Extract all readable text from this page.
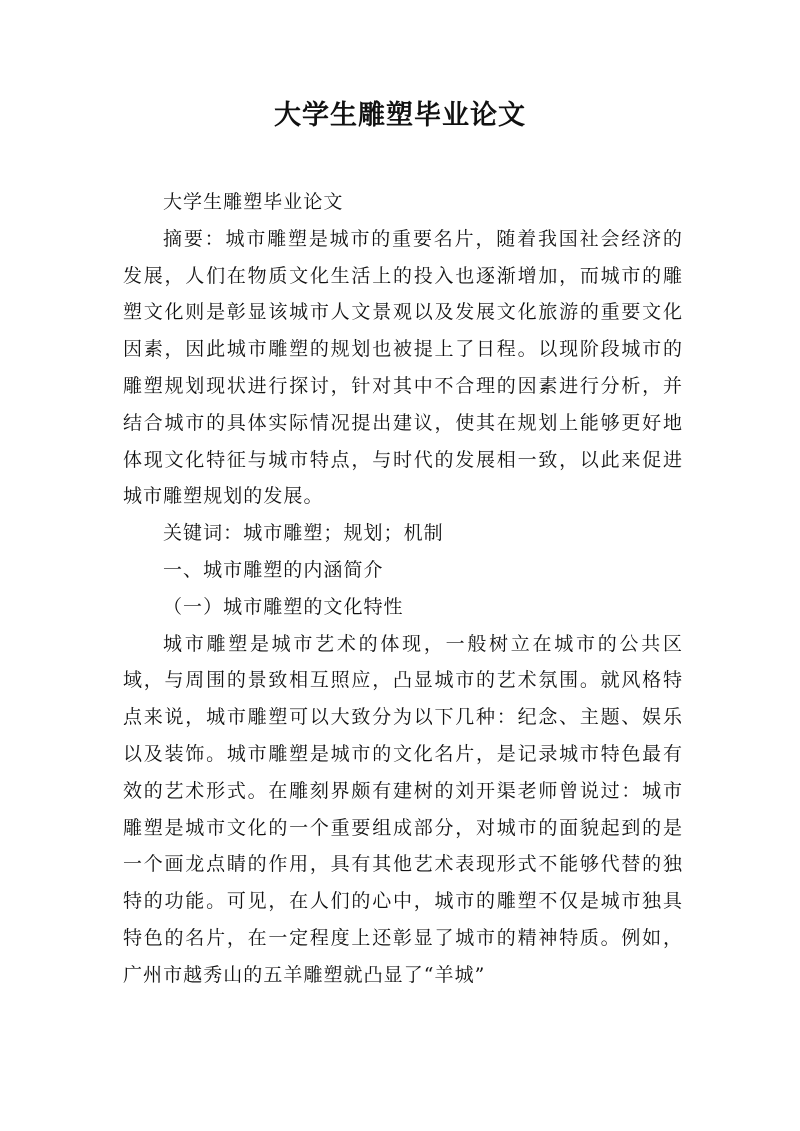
大学生雕塑毕业论文

大学生雕塑毕业论文

摘要：城市雕塑是城市的重要名片，随着我国社会经济的发展，人们在物质文化生活上的投入也逐渐增加，而城市的雕塑文化则是彰显该城市人文景观以及发展文化旅游的重要文化因素，因此城市雕塑的规划也被提上了日程。以现阶段城市的雕塑规划现状进行探讨，针对其中不合理的因素进行分析，并结合城市的具体实际情况提出建议，使其在规划上能够更好地体现文化特征与城市特点，与时代的发展相一致，以此来促进城市雕塑规划的发展。

关键词：城市雕塑；规划；机制

一、城市雕塑的内涵简介

（一）城市雕塑的文化特性

城市雕塑是城市艺术的体现，一般树立在城市的公共区域，与周围的景致相互照应，凸显城市的艺术氛围。就风格特点来说，城市雕塑可以大致分为以下几种：纪念、主题、娱乐以及装饰。城市雕塑是城市的文化名片，是记录城市特色最有效的艺术形式。在雕刻界颇有建树的刘开渠老师曾说过：城市雕塑是城市文化的一个重要组成部分，对城市的面貌起到的是一个画龙点睛的作用，具有其他艺术表现形式不能够代替的独特的功能。可见，在人们的心中，城市的雕塑不仅是城市独具特色的名片，在一定程度上还彰显了城市的精神特质。例如，广州市越秀山的五羊雕塑就凸显了“羊城”
